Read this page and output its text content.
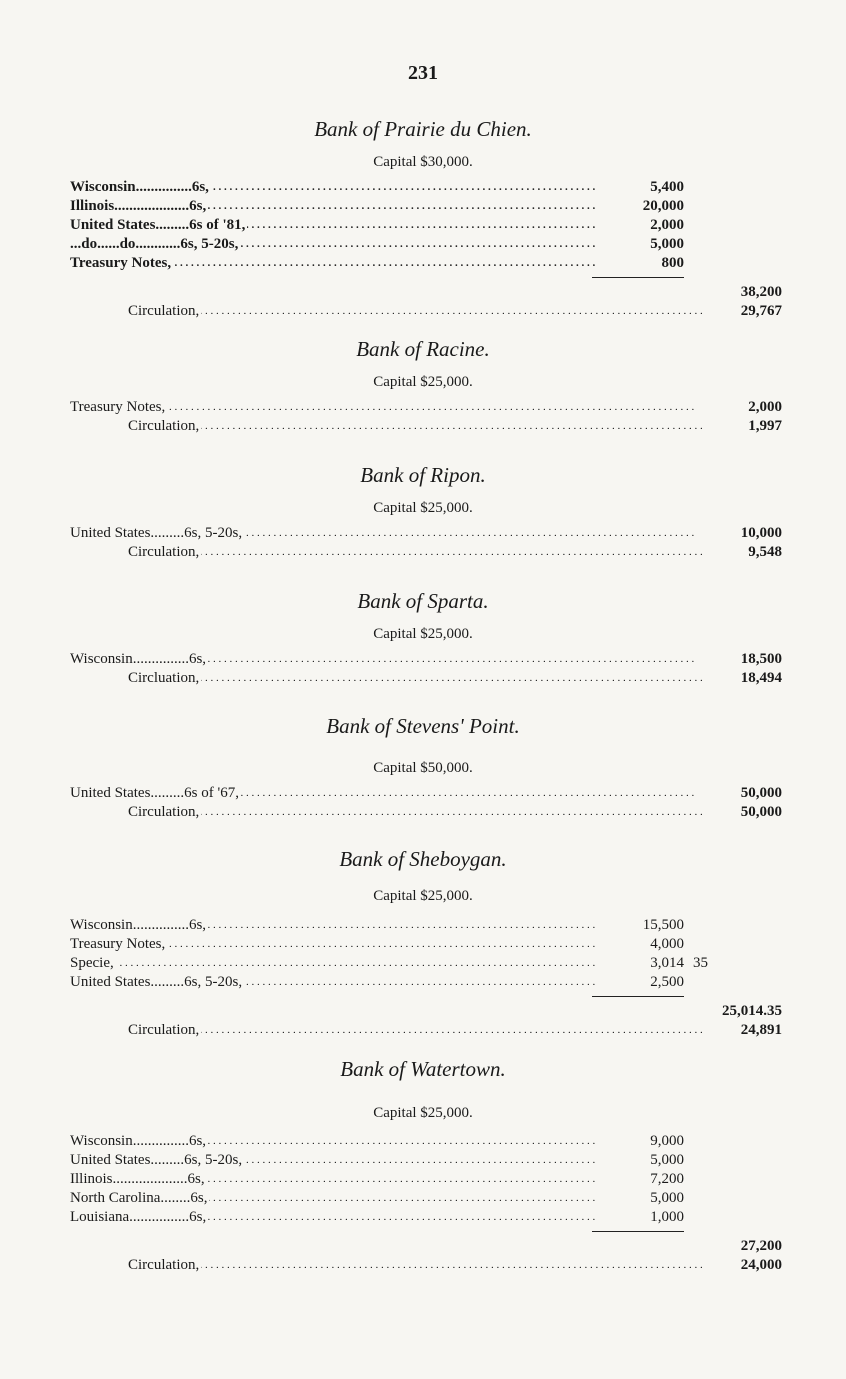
231
Bank of Prairie du Chien.
Capital $30,000.
Wisconsin...............6s, . . .	5,400
Illinois....................6s, . . .	20,000
United States.........6s of '81, . . .	2,000
...do......do............6s, 5-20s, . . .	5,000
Treasury Notes, . . .	800
38,200
Circulation, . . .	29,767
Bank of Racine.
Capital $25,000.
Treasury Notes, . . .	2,000
Circulation, . . .	1,997
Bank of Ripon.
Capital $25,000.
United States.........6s, 5-20s, . . .	10,000
Circulation, . . .	9,548
Bank of Sparta.
Capital $25,000.
Wisconsin...............6s, . . .	18,500
Circluation, . . .	18,494
Bank of Stevens' Point.
Capital $50,000.
United States.........6s of '67, . . .	50,000
Circulation, . . .	50,000
Bank of Sheboygan.
Capital $25,000.
Wisconsin...............6s, . . .	15,500
Treasury Notes, . . .	4,000
Specie, . . .	3,014 35
United States.........6s, 5-20s, . . .	2,500
25,014.35
Circulation, . . .	24,891
Bank of Watertown.
Capital $25,000.
Wisconsin...............6s, . . .	9,000
United States.........6s, 5-20s, . . .	5,000
Illinois....................6s, . . .	7,200
North Carolina........6s, . . .	5,000
Louisiana................6s, . . .	1,000
27,200
Circulation, . . .	24,000
